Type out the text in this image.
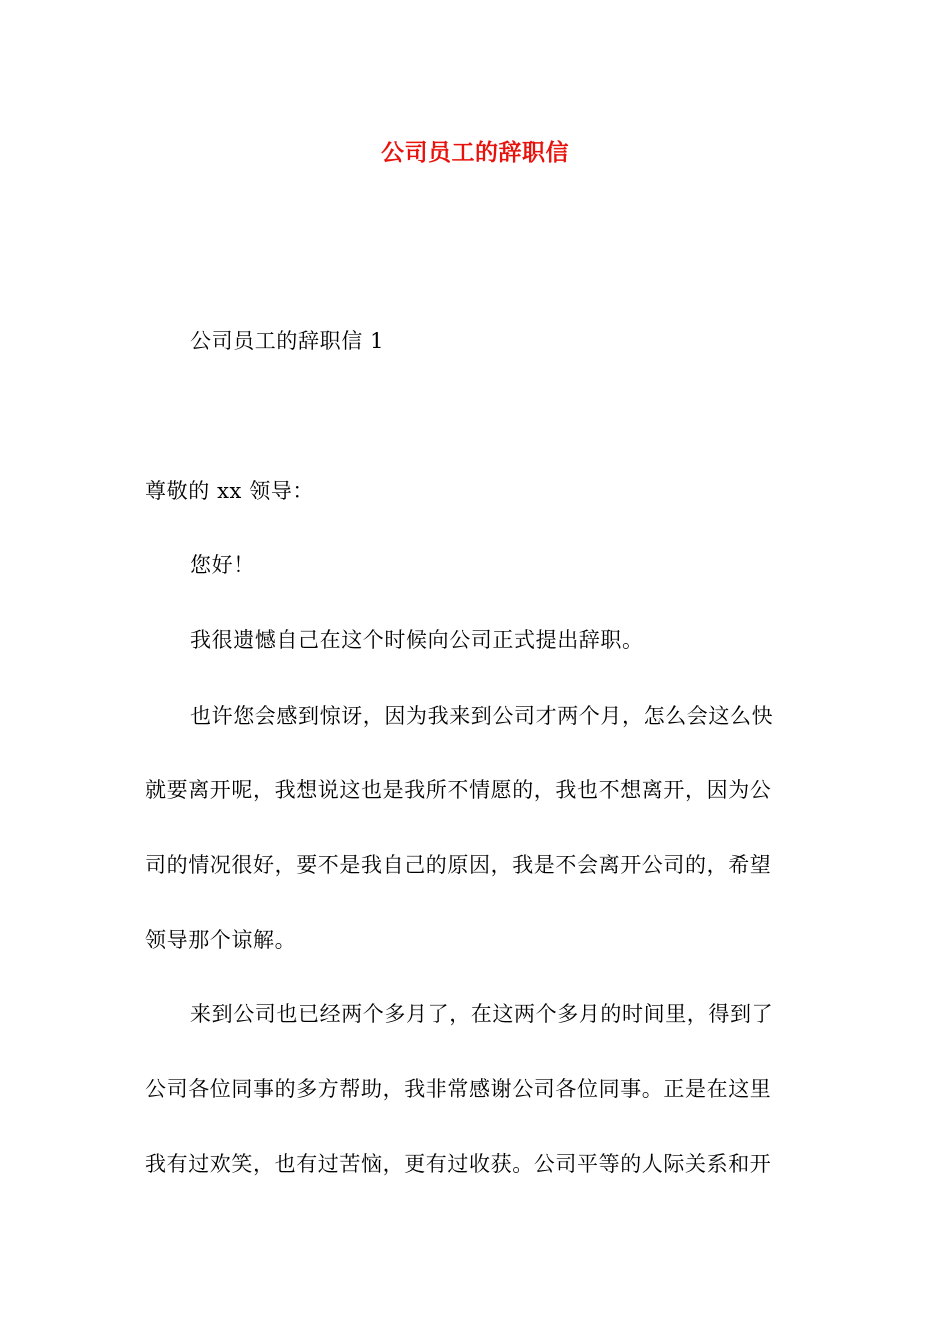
公司员工的辞职信
公司员工的辞职信 1
尊敬的 xx 领导：
您好！
我很遗憾自己在这个时候向公司正式提出辞职。
也许您会感到惊讶，因为我来到公司才两个月，怎么会这么快
就要离开呢，我想说这也是我所不情愿的，我也不想离开，因为公
司的情况很好，要不是我自己的原因，我是不会离开公司的，希望
领导那个谅解。
来到公司也已经两个多月了，在这两个多月的时间里，得到了
公司各位同事的多方帮助，我非常感谢公司各位同事。正是在这里
我有过欢笑，也有过苦恼，更有过收获。公司平等的人际关系和开
